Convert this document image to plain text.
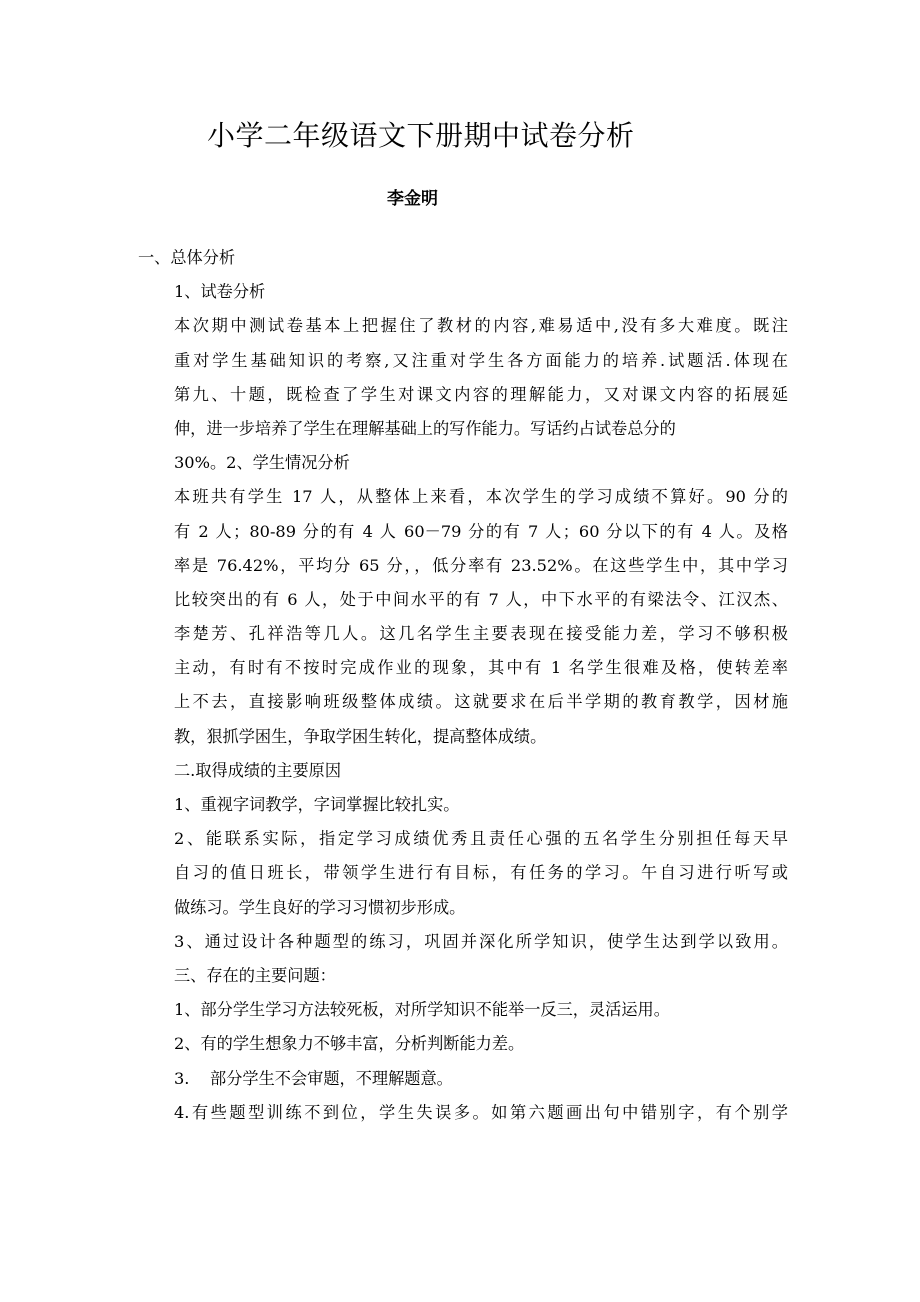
小学二年级语文下册期中试卷分析
李金明
一、总体分析
1、试卷分析
本次期中测试卷基本上把握住了教材的内容,难易适中,没有多大难度。既注
重对学生基础知识的考察,又注重对学生各方面能力的培养.试题活.体现在
第九、十题，既检查了学生对课文内容的理解能力，又对课文内容的拓展延
伸，进一步培养了学生在理解基础上的写作能力。写话约占试卷总分的
30%。2、学生情况分析
本班共有学生 17 人，从整体上来看，本次学生的学习成绩不算好。90 分的
有 2 人；80-89 分的有 4 人 60－79 分的有 7 人；60 分以下的有 4 人。及格
率是 76.42%，平均分 65 分，，低分率有 23.52%。在这些学生中，其中学习
比较突出的有 6 人，处于中间水平的有 7 人，中下水平的有梁法令、江汉杰、
李楚芳、孔祥浩等几人。这几名学生主要表现在接受能力差，学习不够积极
主动，有时有不按时完成作业的现象，其中有 1 名学生很难及格，使转差率
上不去，直接影响班级整体成绩。这就要求在后半学期的教育教学，因材施
教，狠抓学困生，争取学困生转化，提高整体成绩。
二.取得成绩的主要原因
1、重视字词教学，字词掌握比较扎实。
2、能联系实际，指定学习成绩优秀且责任心强的五名学生分别担任每天早
自习的值日班长，带领学生进行有目标，有任务的学习。午自习进行听写或
做练习。学生良好的学习习惯初步形成。
3、通过设计各种题型的练习，巩固并深化所学知识，使学生达到学以致用。
三、存在的主要问题：
1、部分学生学习方法较死板，对所学知识不能举一反三，灵活运用。
2、有的学生想象力不够丰富，分析判断能力差。
3.    部分学生不会审题，不理解题意。
4.有些题型训练不到位，学生失误多。如第六题画出句中错别字，有个别学
